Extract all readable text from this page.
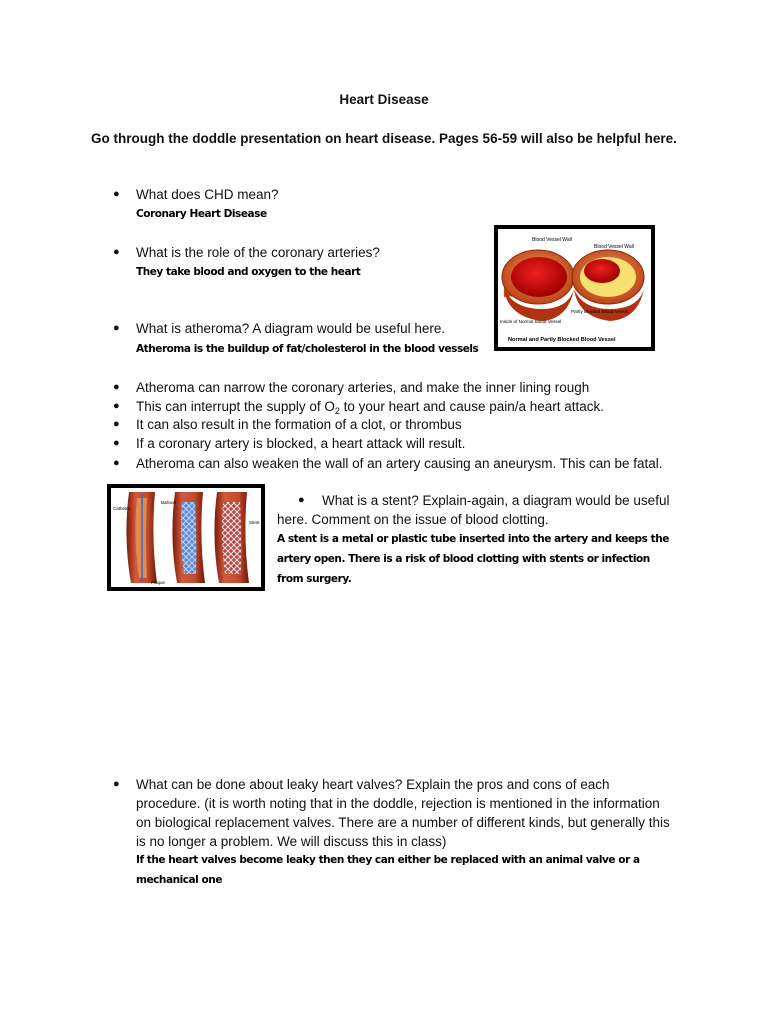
Heart Disease
Go through the doddle presentation on heart disease. Pages 56-59 will also be helpful here.
● What does CHD mean?
Coronary Heart Disease
● What is the role of the coronary arteries?
They take blood and oxygen to the heart
● What is atheroma? A diagram would be useful here.
Atheroma is the buildup of fat/cholesterol in the blood vessels
Blood Vessel Wall
Blood Vessel Wall
Inside of Normal Blood Vessel
Partly Blocked Blood Vessel
Normal and Partly Blocked Blood Vessel
● Atheroma can narrow the coronary arteries, and make the inner lining rough
● This can interrupt the supply of $O_2$ to your heart and cause pain/a heart attack.
● It can also result in the formation of a clot, or thrombus
● If a coronary artery is blocked, a heart attack will result.
● Atheroma can also weaken the wall of an artery causing an aneurysm. This can be fatal.
Catheter
Balloon
Stent
Plaque
●	What is a stent? Explain-again, a diagram would be useful here. Comment on the issue of blood clotting.
A stent is a metal or plastic tube inserted into the artery and keeps the artery open. There is a risk of blood clotting with stents or infection from surgery.
● What can be done about leaky heart valves? Explain the pros and cons of each procedure. (it is worth noting that in the doddle, rejection is mentioned in the information on biological replacement valves. There are a number of different kinds, but generally this is no longer a problem. We will discuss this in class)
If the heart valves become leaky then they can either be replaced with an animal valve or a mechanical one
